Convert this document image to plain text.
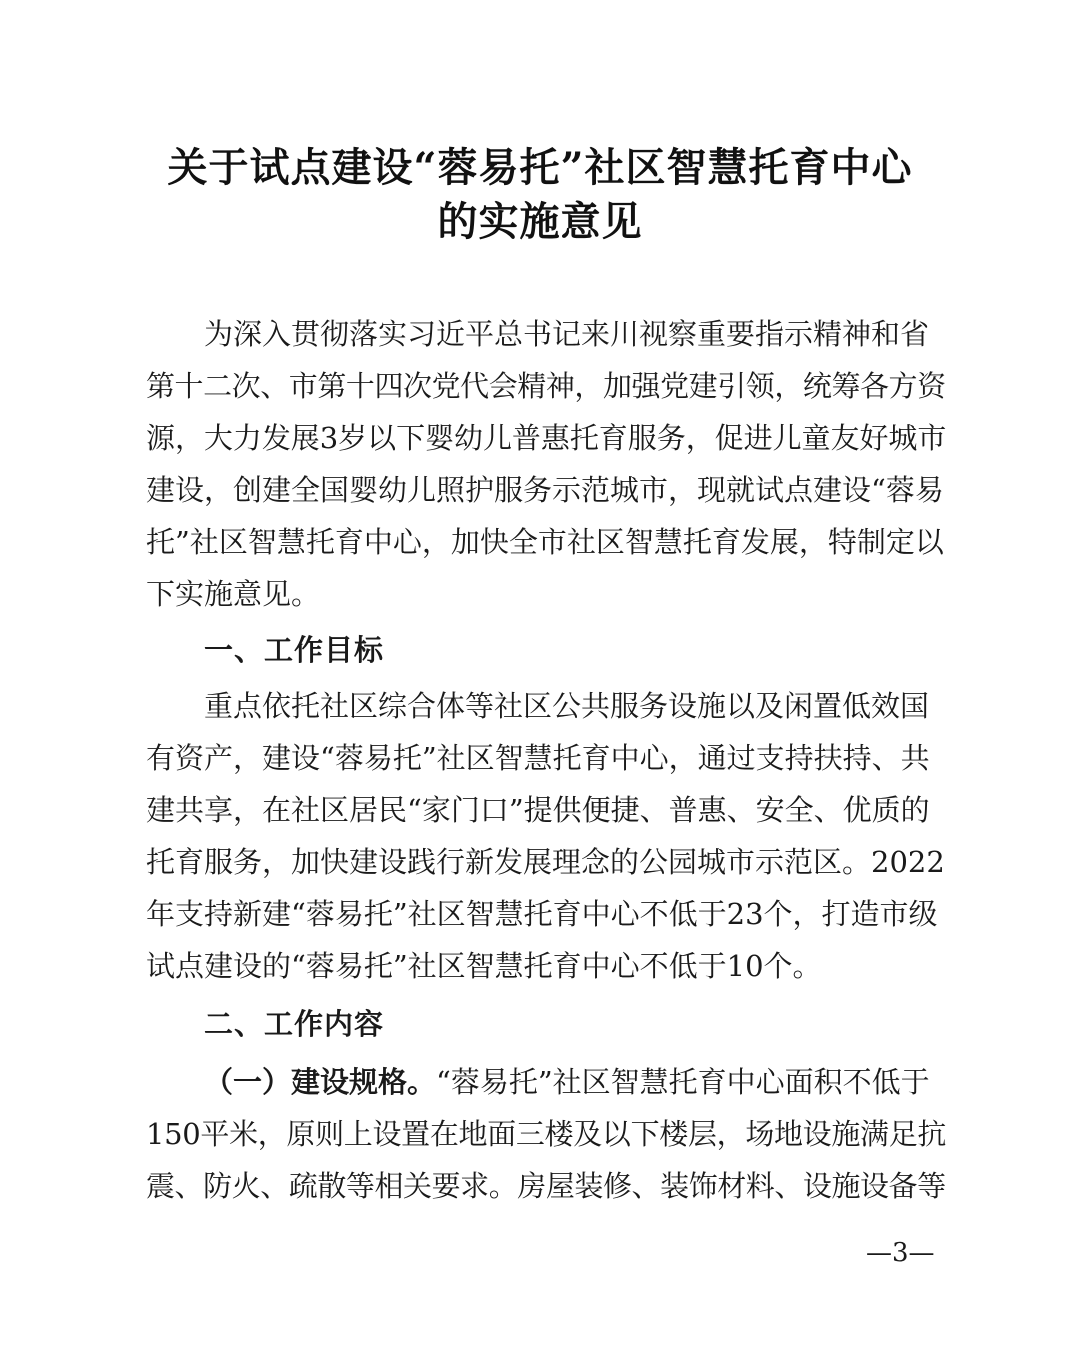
关于试点建设“蓉易托”社区智慧托育中心
的实施意见
为深入贯彻落实习近平总书记来川视察重要指示精神和省
第十二次、市第十四次党代会精神，加强党建引领，统筹各方资
源，大力发展3岁以下婴幼儿普惠托育服务，促进儿童友好城市
建设，创建全国婴幼儿照护服务示范城市，现就试点建设“蓉易
托”社区智慧托育中心，加快全市社区智慧托育发展，特制定以
下实施意见。
一、工作目标
重点依托社区综合体等社区公共服务设施以及闲置低效国
有资产，建设“蓉易托”社区智慧托育中心，通过支持扶持、共
建共享，在社区居民“家门口”提供便捷、普惠、安全、优质的
托育服务，加快建设践行新发展理念的公园城市示范区。2022
年支持新建“蓉易托”社区智慧托育中心不低于23个，打造市级
试点建设的“蓉易托”社区智慧托育中心不低于10个。
二、工作内容
（一）建设规格。“蓉易托”社区智慧托育中心面积不低于
150平米，原则上设置在地面三楼及以下楼层，场地设施满足抗
震、防火、疏散等相关要求。房屋装修、装饰材料、设施设备等
—3—
